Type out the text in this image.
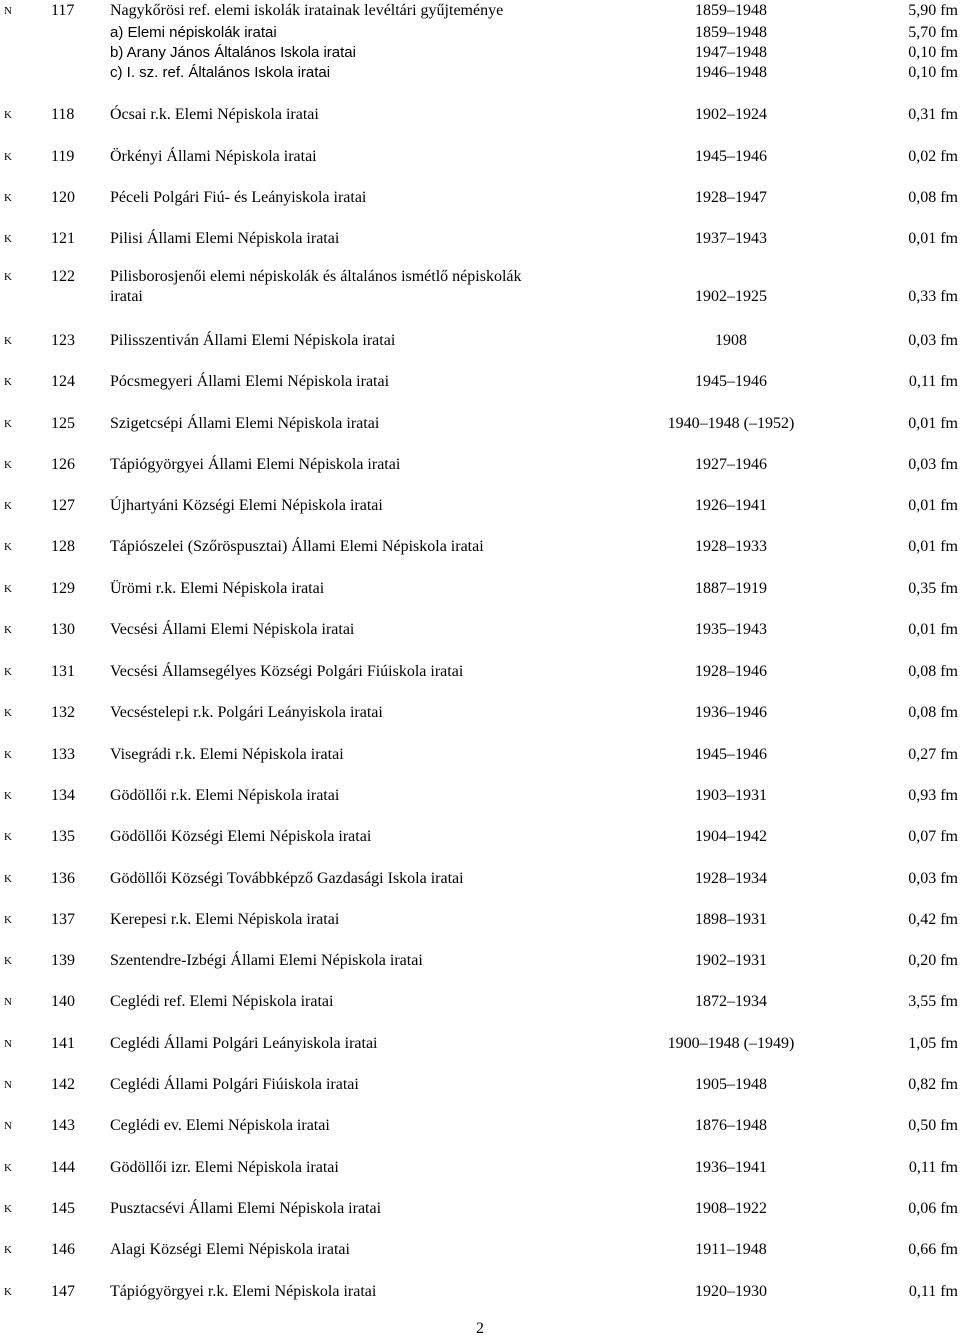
N 117 Nagykőrösi ref. elemi iskolák iratainak levéltári gyűjteménye	1859–1948	5,90 fm
a) Elemi népiskolák iratai	1859–1948	5,70 fm
b) Arany János Általános Iskola iratai	1947–1948	0,10 fm
c) I. sz. ref. Általános Iskola iratai	1946–1948	0,10 fm
K 118 Ócsai r.k. Elemi Népiskola iratai	1902–1924	0,31 fm
K 119 Örkényi Állami Népiskola iratai	1945–1946	0,02 fm
K 120 Péceli Polgári Fiú- és Leányiskola iratai	1928–1947	0,08 fm
K 121 Pilisi Állami Elemi Népiskola iratai	1937–1943	0,01 fm
K 122 Pilisborosjenői elemi népiskolák és általános ismétlő népiskolák
iratai	1902–1925	0,33 fm
K 123 Pilisszentiván Állami Elemi Népiskola iratai	1908	0,03 fm
K 124 Pócsmegyeri Állami Elemi Népiskola iratai	1945–1946	0,11 fm
K 125 Szigetcsépi Állami Elemi Népiskola iratai	1940–1948 (–1952)	0,01 fm
K 126 Tápiógyörgyei Állami Elemi Népiskola iratai	1927–1946	0,03 fm
K 127 Újhartyáni Községi Elemi Népiskola iratai	1926–1941	0,01 fm
K 128 Tápiószelei (Szőröspusztai) Állami Elemi Népiskola iratai	1928–1933	0,01 fm
K 129 Ürömi r.k. Elemi Népiskola iratai	1887–1919	0,35 fm
K 130 Vecsési Állami Elemi Népiskola iratai	1935–1943	0,01 fm
K 131 Vecsési Államsegélyes Községi Polgári Fiúiskola iratai	1928–1946	0,08 fm
K 132 Vecséstelepi r.k. Polgári Leányiskola iratai	1936–1946	0,08 fm
K 133 Visegrádi r.k. Elemi Népiskola iratai	1945–1946	0,27 fm
K 134 Gödöllői r.k. Elemi Népiskola iratai	1903–1931	0,93 fm
K 135 Gödöllői Községi Elemi Népiskola iratai	1904–1942	0,07 fm
K 136 Gödöllői Községi Továbbképző Gazdasági Iskola iratai	1928–1934	0,03 fm
K 137 Kerepesi r.k. Elemi Népiskola iratai	1898–1931	0,42 fm
K 139 Szentendre-Izbégi Állami Elemi Népiskola iratai	1902–1931	0,20 fm
N 140 Ceglédi ref. Elemi Népiskola iratai	1872–1934	3,55 fm
N 141 Ceglédi Állami Polgári Leányiskola iratai	1900–1948 (–1949)	1,05 fm
N 142 Ceglédi Állami Polgári Fiúiskola iratai	1905–1948	0,82 fm
N 143 Ceglédi ev. Elemi Népiskola iratai	1876–1948	0,50 fm
K 144 Gödöllői izr. Elemi Népiskola iratai	1936–1941	0,11 fm
K 145 Pusztacsévi Állami Elemi Népiskola iratai	1908–1922	0,06 fm
K 146 Alagi Községi Elemi Népiskola iratai	1911–1948	0,66 fm
K 147 Tápiógyörgyei r.k. Elemi Népiskola iratai	1920–1930	0,11 fm
2
